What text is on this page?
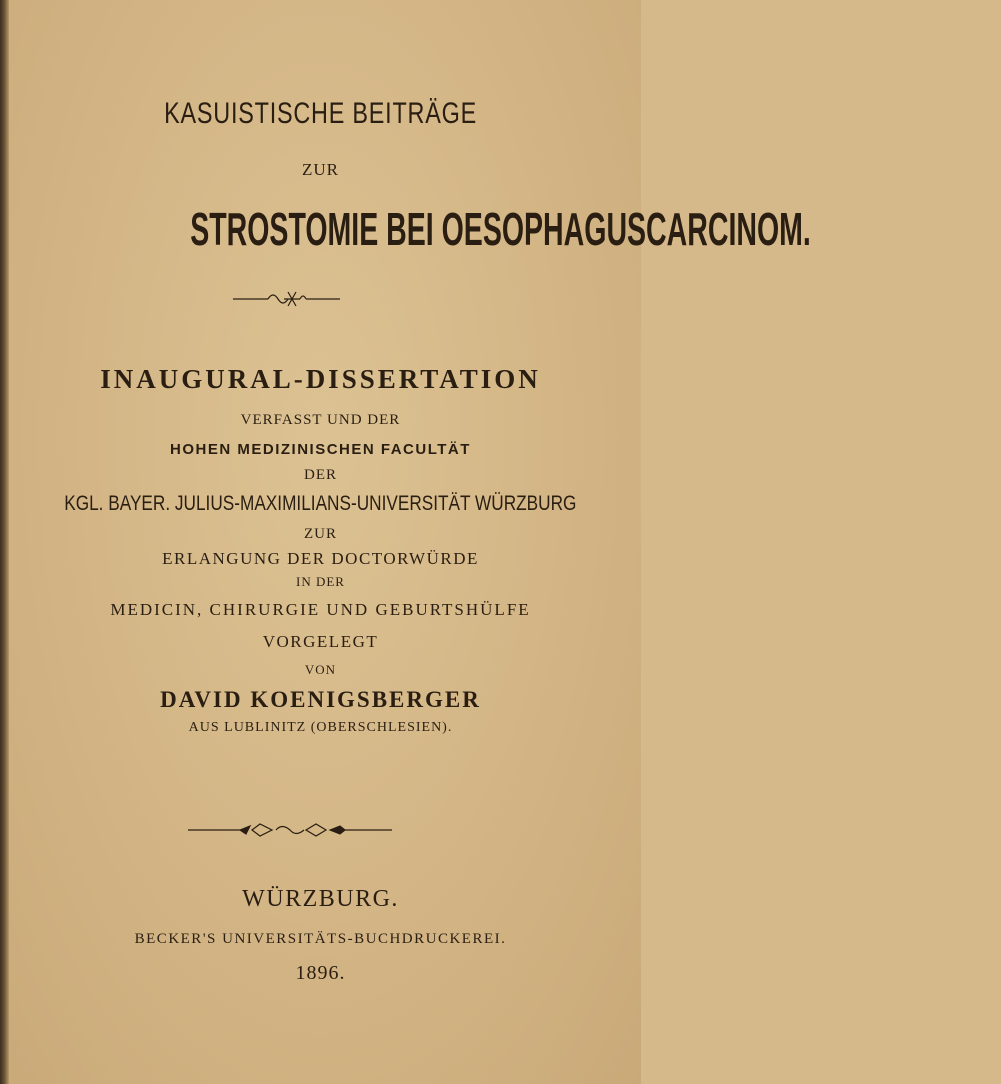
KASUISTISCHE BEITRÄGE
ZUR
STROSTOMIE BEI OESOPHAGUSCARCINOM.
INAUGURAL-DISSERTATION
VERFASST UND DER
HOHEN MEDIZINISCHEN FACULTÄT
DER
KGL. BAYER. JULIUS-MAXIMILIANS-UNIVERSITÄT WÜRZBURG
ZUR
ERLANGUNG DER DOCTORWÜRDE
IN DER
MEDICIN, CHIRURGIE UND GEBURTSHÜLFE
VORGELEGT
VON
DAVID KOENIGSBERGER
AUS LUBLINITZ (OBERSCHLESIEN).
WÜRZBURG.
BECKER'S UNIVERSITÄTS-BUCHDRUCKEREI.
1896.
